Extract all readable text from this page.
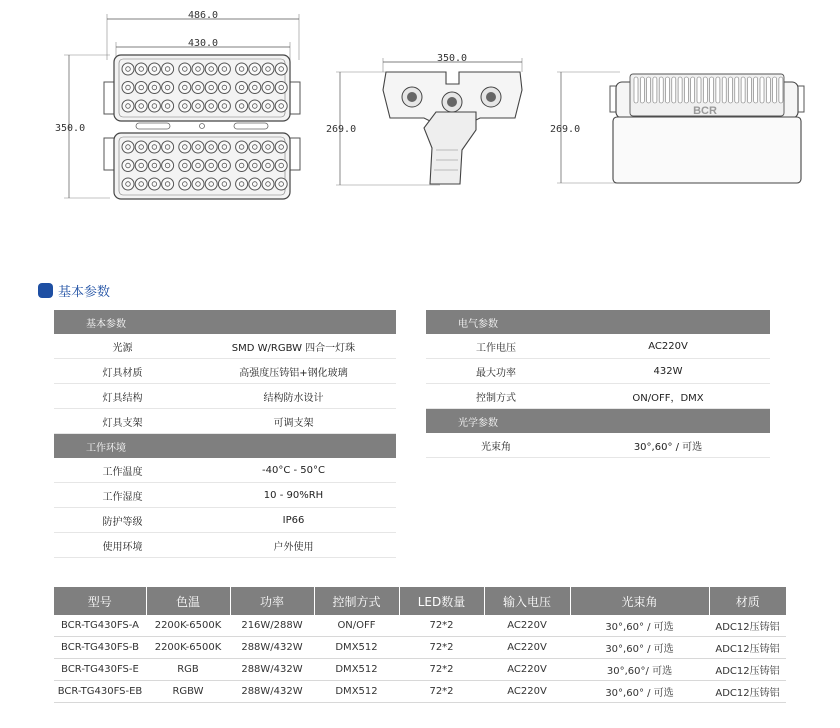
486.0
430.0
350.0
350.0
269.0	269.0
BCR
基本参数
基本参数	
光源	SMD W/RGBW 四合一灯珠
灯具材质	高强度压铸铝+钢化玻璃
灯具结构	结构防水设计
灯具支架	可调支架
工作环境	
工作温度	-40°C - 50°C
工作湿度	10 - 90%RH
防护等级	IP66
使用环境	户外使用
电气参数	
工作电压	AC220V
最大功率	432W
控制方式	ON/OFF，DMX
光学参数	
光束角	30°,60° / 可选
型号	色温	功率	控制方式	LED数量	输入电压	光束角	材质
BCR-TG430FS-A	2200K-6500K	216W/288W	ON/OFF	72*2	AC220V	30°,60° / 可选	ADC12压铸铝
BCR-TG430FS-B	2200K-6500K	288W/432W	DMX512	72*2	AC220V	30°,60° / 可选	ADC12压铸铝
BCR-TG430FS-E	RGB	288W/432W	DMX512	72*2	AC220V	30°,60°/ 可选	ADC12压铸铝
BCR-TG430FS-EB	RGBW	288W/432W	DMX512	72*2	AC220V	30°,60° / 可选	ADC12压铸铝
